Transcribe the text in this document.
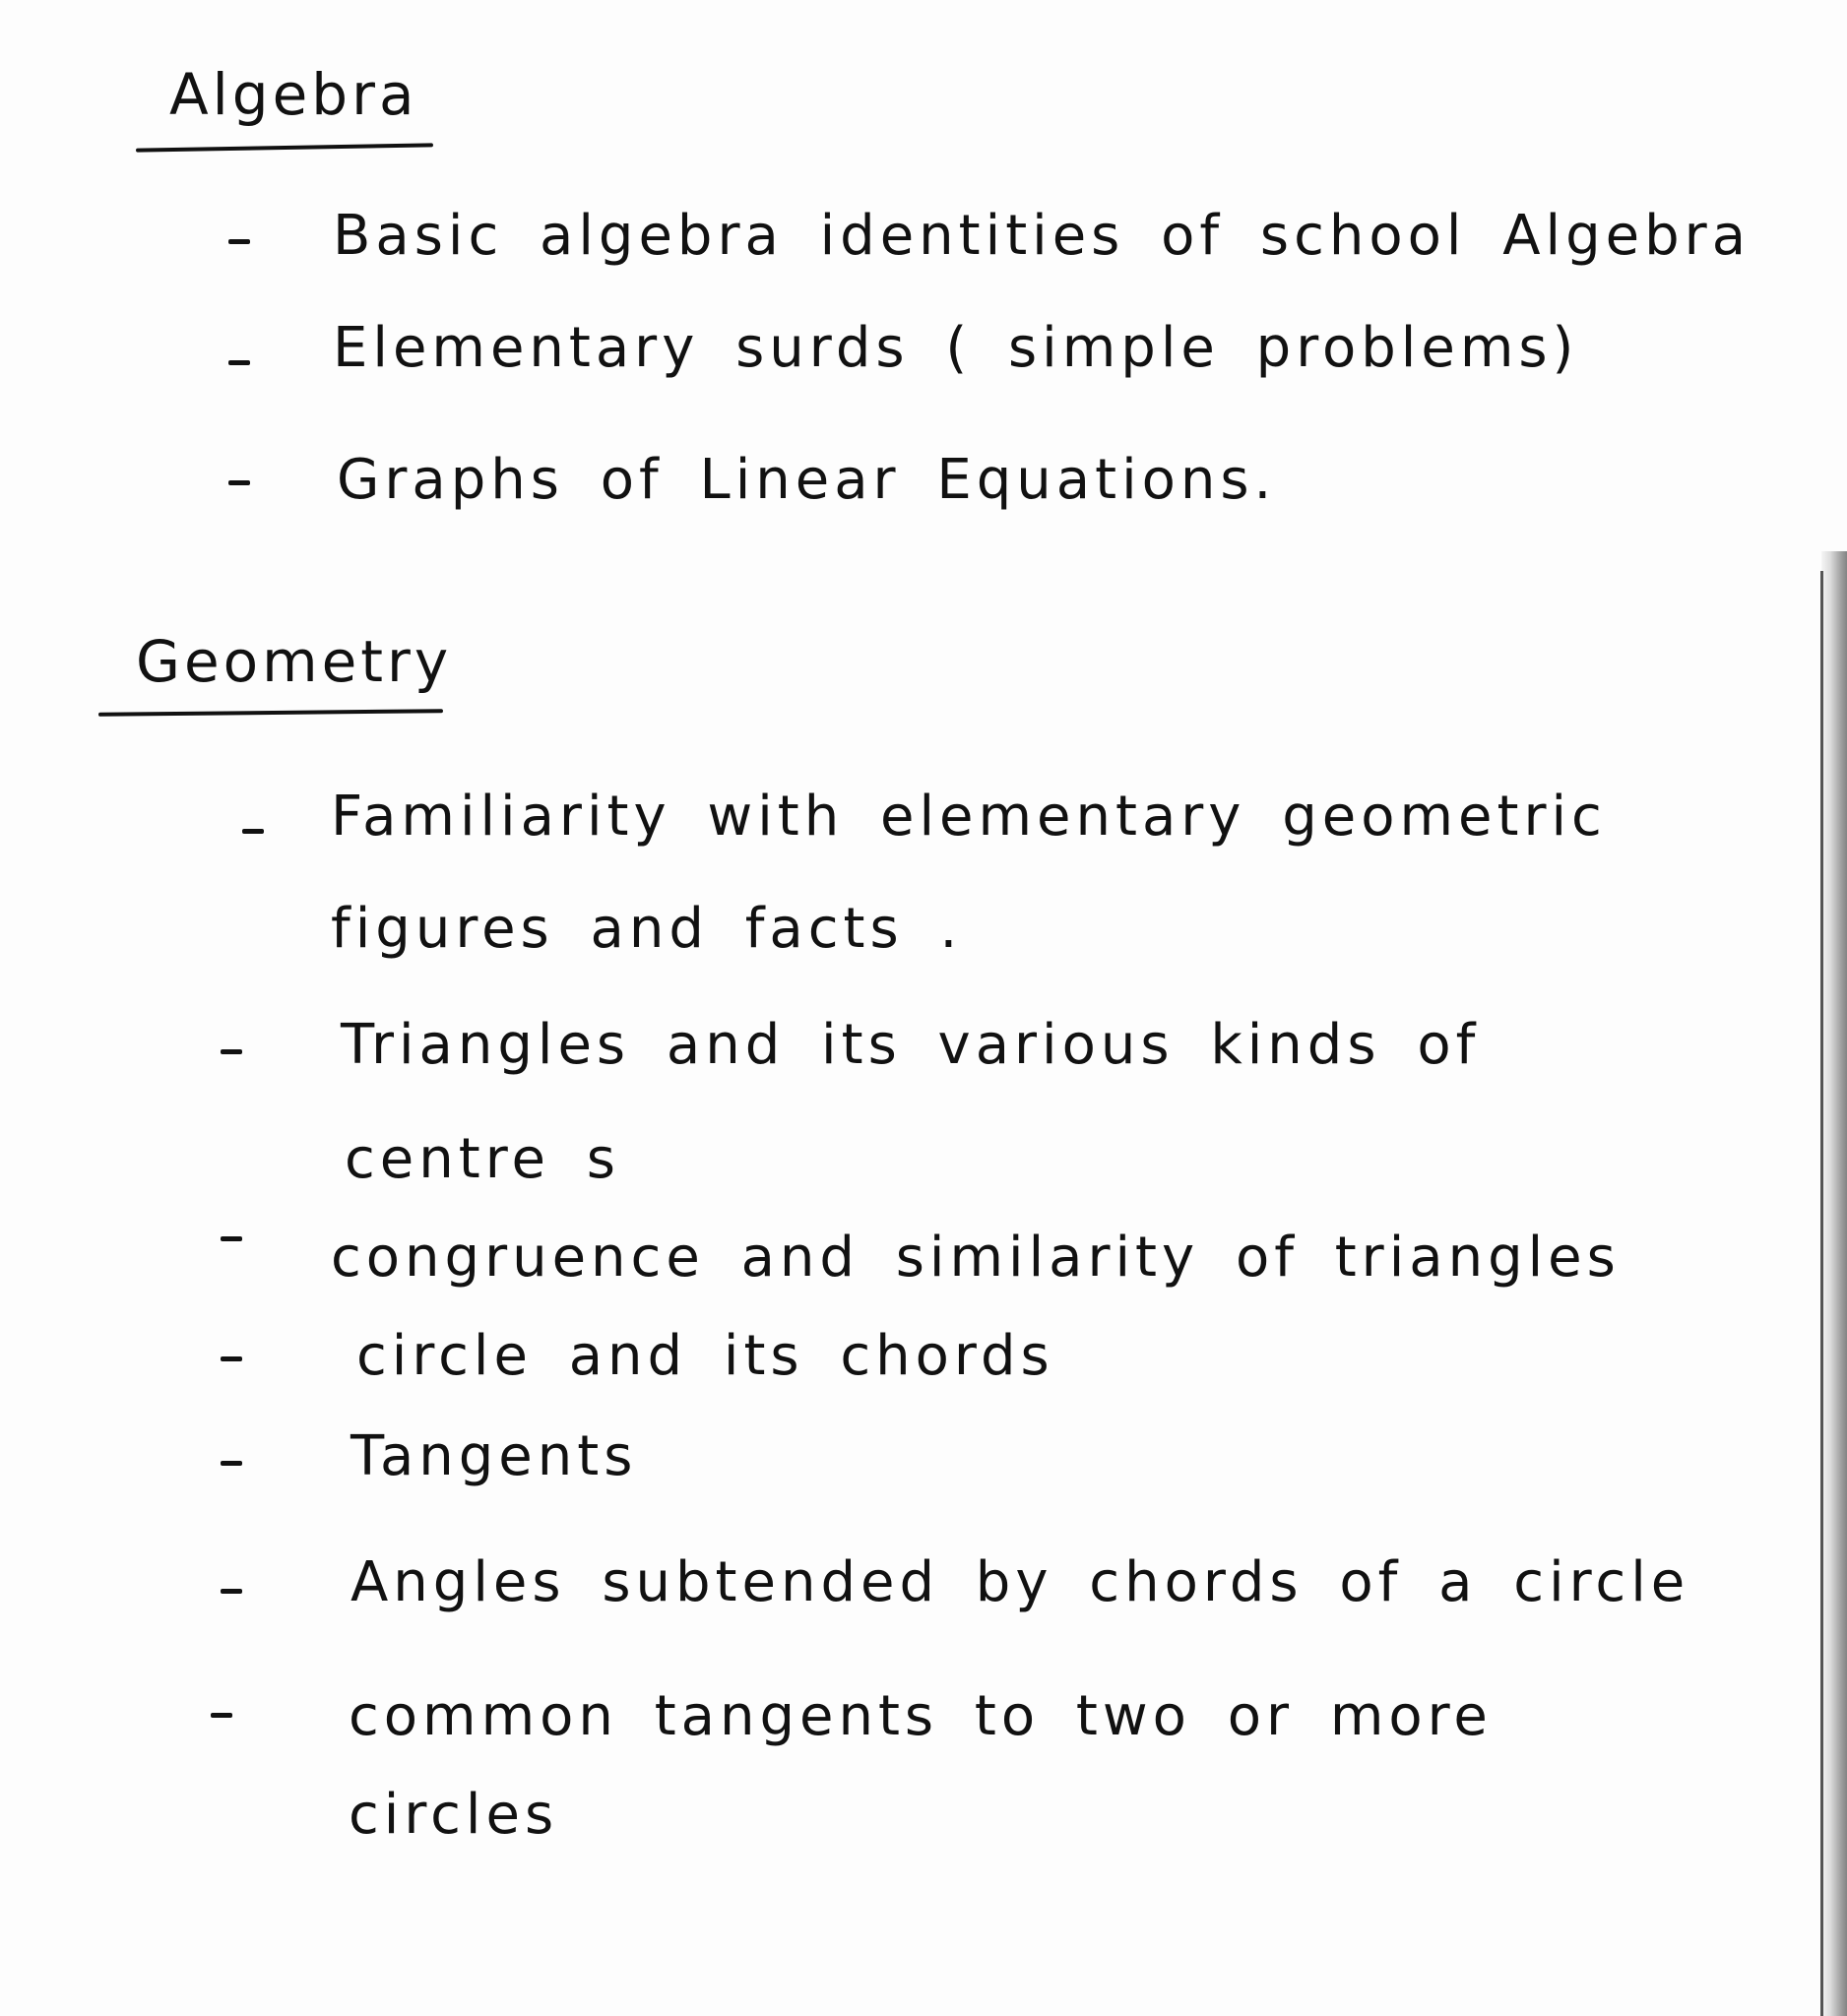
Algebra
Basic algebra identities of school Algebra
Elementary surds ( simple problems)
Graphs of Linear Equations.
Geometry
Familiarity with elementary geometric
figures and facts .
Triangles and its various kinds of
centre s
congruence and similarity of triangles
circle and its chords
Tangents
Angles subtended by chords of a circle
common tangents to two or more
circles
